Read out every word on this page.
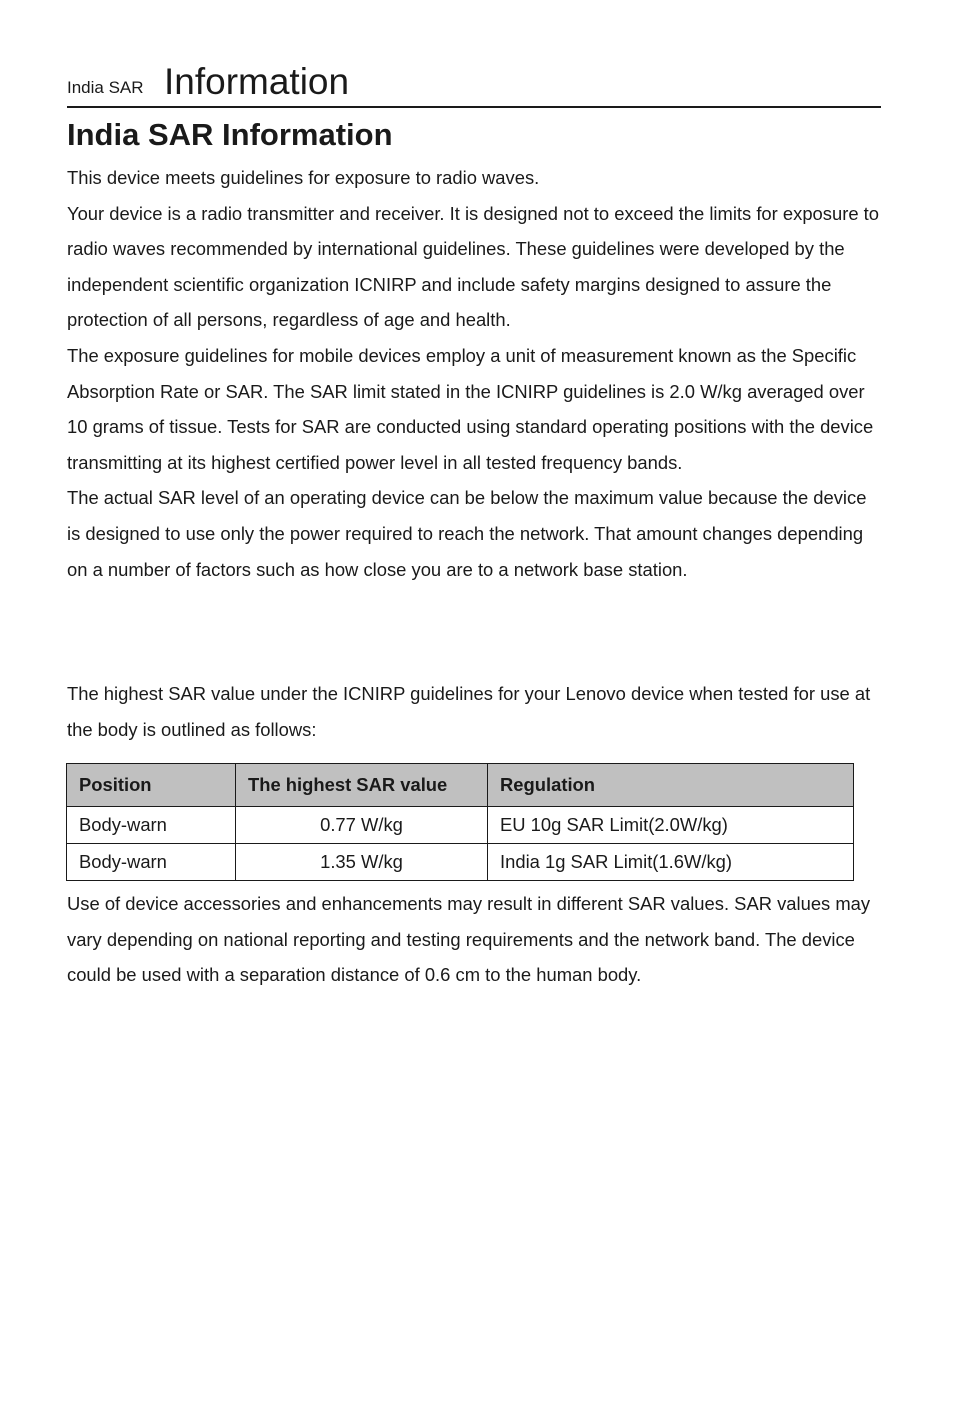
India SAR Information
India SAR Information

This device meets guidelines for exposure to radio waves.

Your device is a radio transmitter and receiver. It is designed not to exceed the limits for exposure to radio waves recommended by international guidelines. These guidelines were developed by the independent scientific organization ICNIRP and include safety margins designed to assure the protection of all persons, regardless of age and health.

The exposure guidelines for mobile devices employ a unit of measurement known as the Specific Absorption Rate or SAR. The SAR limit stated in the ICNIRP guidelines is 2.0 W/kg averaged over 10 grams of tissue. Tests for SAR are conducted using standard operating positions with the device transmitting at its highest certified power level in all tested frequency bands.

The actual SAR level of an operating device can be below the maximum value because the device is designed to use only the power required to reach the network. That amount changes depending on a number of factors such as how close you are to a network base station.

The highest SAR value under the ICNIRP guidelines for your Lenovo device when tested for use at the body is outlined as follows:

Position	The highest SAR value	Regulation
Body-warn	0.77 W/kg	EU 10g SAR Limit(2.0W/kg)
Body-warn	1.35 W/kg	India 1g SAR Limit(1.6W/kg)

Use of device accessories and enhancements may result in different SAR values. SAR values may vary depending on national reporting and testing requirements and the network band. The device could be used with a separation distance of 0.6 cm to the human body.
